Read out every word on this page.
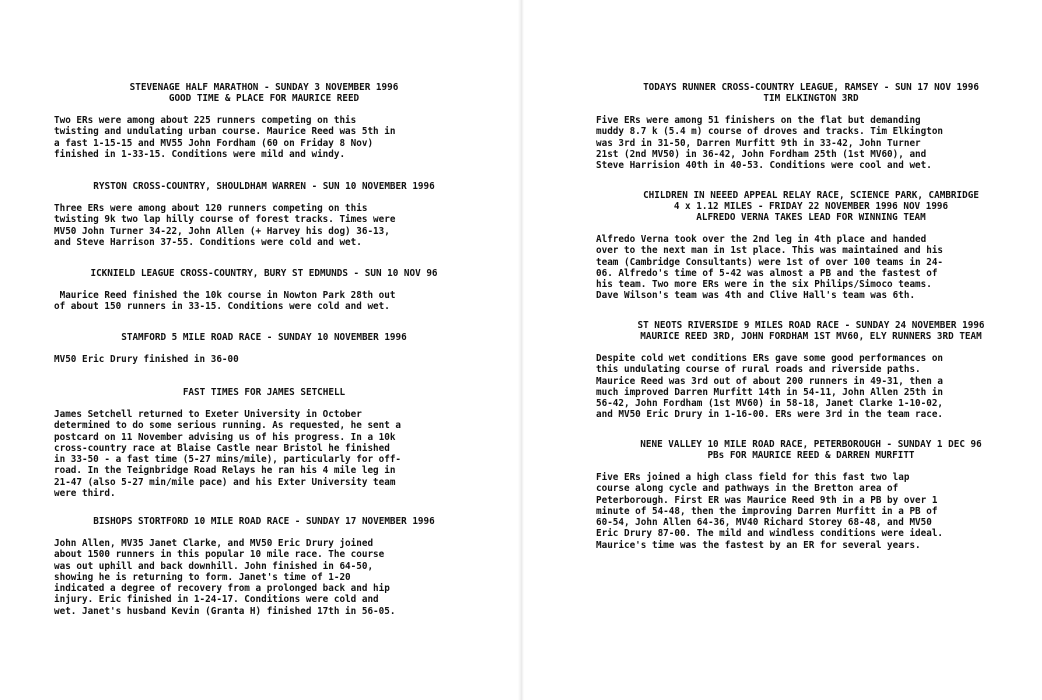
STEVENAGE HALF MARATHON - SUNDAY 3 NOVEMBER 1996
GOOD TIME & PLACE FOR MAURICE REED

Two ERs were among about 225 runners competing on this
twisting and undulating urban course. Maurice Reed was 5th in
a fast 1-15-15 and MV55 John Fordham (60 on Friday 8 Nov)
finished in 1-33-15. Conditions were mild and windy.

RYSTON CROSS-COUNTRY, SHOULDHAM WARREN - SUN 10 NOVEMBER 1996

Three ERs were among about 120 runners competing on this
twisting 9k two lap hilly course of forest tracks. Times were
MV50 John Turner 34-22, John Allen (+ Harvey his dog) 36-13,
and Steve Harrison 37-55. Conditions were cold and wet.

ICKNIELD LEAGUE CROSS-COUNTRY, BURY ST EDMUNDS - SUN 10 NOV 96

Maurice Reed finished the 10k course in Nowton Park 28th out
of about 150 runners in 33-15. Conditions were cold and wet.

STAMFORD 5 MILE ROAD RACE - SUNDAY 10 NOVEMBER 1996

MV50 Eric Drury finished in 36-00

FAST TIMES FOR JAMES SETCHELL

James Setchell returned to Exeter University in October
determined to do some serious running. As requested, he sent a
postcard on 11 November advising us of his progress. In a 10k
cross-country race at Blaise Castle near Bristol he finished
in 33-50 - a fast time (5-27 mins/mile), particularly for off-
road. In the Teignbridge Road Relays he ran his 4 mile leg in
21-47 (also 5-27 min/mile pace) and his Exter University team
were third.

BISHOPS STORTFORD 10 MILE ROAD RACE - SUNDAY 17 NOVEMBER 1996

John Allen, MV35 Janet Clarke, and MV50 Eric Drury joined
about 1500 runners in this popular 10 mile race. The course
was out uphill and back downhill. John finished in 64-50,
showing he is returning to form. Janet's time of 1-20
indicated a degree of recovery from a prolonged back and hip
injury. Eric finished in 1-24-17. Conditions were cold and
wet. Janet's husband Kevin (Granta H) finished 17th in 56-05.

TODAYS RUNNER CROSS-COUNTRY LEAGUE, RAMSEY - SUN 17 NOV 1996
TIM ELKINGTON 3RD

Five ERs were among 51 finishers on the flat but demanding
muddy 8.7 k (5.4 m) course of droves and tracks. Tim Elkington
was 3rd in 31-50, Darren Murfitt 9th in 33-42, John Turner
21st (2nd MV50) in 36-42, John Fordham 25th (1st MV60), and
Steve Harrision 40th in 40-53. Conditions were cool and wet.

CHILDREN IN NEEED APPEAL RELAY RACE, SCIENCE PARK, CAMBRIDGE
4 x 1.12 MILES - FRIDAY 22 NOVEMBER 1996 NOV 1996
ALFREDO VERNA TAKES LEAD FOR WINNING TEAM

Alfredo Verna took over the 2nd leg in 4th place and handed
over to the next man in 1st place. This was maintained and his
team (Cambridge Consultants) were 1st of over 100 teams in 24-
06. Alfredo's time of 5-42 was almost a PB and the fastest of
his team. Two more ERs were in the six Philips/Simoco teams.
Dave Wilson's team was 4th and Clive Hall's team was 6th.

ST NEOTS RIVERSIDE 9 MILES ROAD RACE - SUNDAY 24 NOVEMBER 1996
MAURICE REED 3RD, JOHN FORDHAM 1ST MV60, ELY RUNNERS 3RD TEAM

Despite cold wet conditions ERs gave some good performances on
this undulating course of rural roads and riverside paths.
Maurice Reed was 3rd out of about 200 runners in 49-31, then a
much improved Darren Murfitt 14th in 54-11, John Allen 25th in
56-42, John Fordham (1st MV60) in 58-18, Janet Clarke 1-10-02,
and MV50 Eric Drury in 1-16-00. ERs were 3rd in the team race.

NENE VALLEY 10 MILE ROAD RACE, PETERBOROUGH - SUNDAY 1 DEC 96
PBs FOR MAURICE REED & DARREN MURFITT

Five ERs joined a high class field for this fast two lap
course along cycle and pathways in the Bretton area of
Peterborough. First ER was Maurice Reed 9th in a PB by over 1
minute of 54-48, then the improving Darren Murfitt in a PB of
60-54, John Allen 64-36, MV40 Richard Storey 68-48, and MV50
Eric Drury 87-00. The mild and windless conditions were ideal.
Maurice's time was the fastest by an ER for several years.
